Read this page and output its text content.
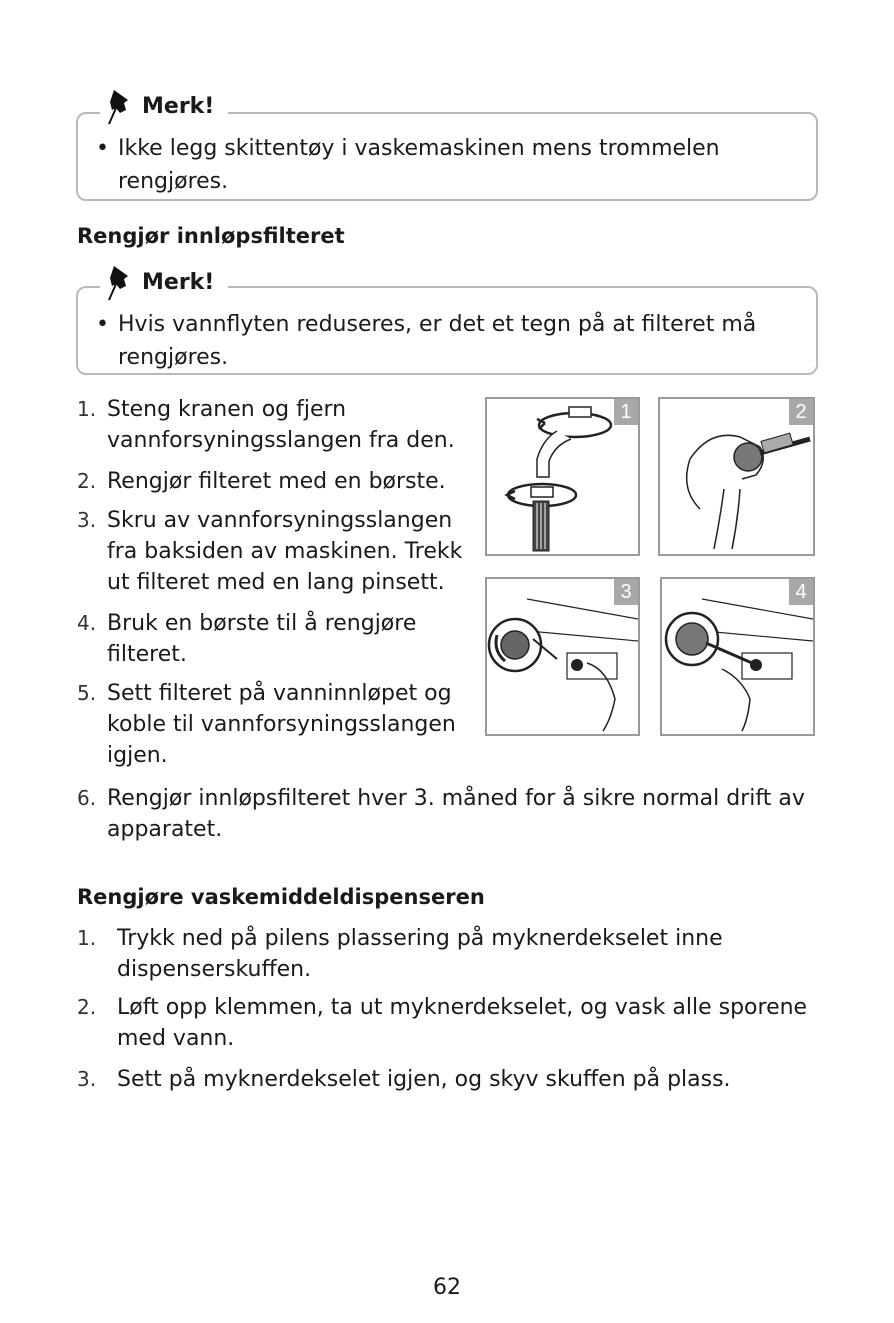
• Ikke legg skittentøy i vaskemaskinen mens trommelen rengjøres.
Merk!
Rengjør innløpsfilteret
• Hvis vannflyten reduseres, er det et tegn på at filteret må rengjøres.
Merk!
1. Steng kranen og fjern vannforsyningsslangen fra den.
2. Rengjør filteret med en børste.
3. Skru av vannforsyningsslangen fra baksiden av maskinen. Trekk ut filteret med en lang pinsett.
4. Bruk en børste til å rengjøre filteret.
5. Sett filteret på vanninnløpet og koble til vannforsyningsslangen igjen.
6. Rengjør innløpsfilteret hver 3. måned for å sikre normal drift av apparatet.
1	2
3	4
Rengjøre vaskemiddeldispenseren
1. Trykk ned på pilens plassering på myknerdekselet inne dispenserskuffen.
2. Løft opp klemmen, ta ut myknerdekselet, og vask alle sporene med vann.
3. Sett på myknerdekselet igjen, og skyv skuffen på plass.
62
